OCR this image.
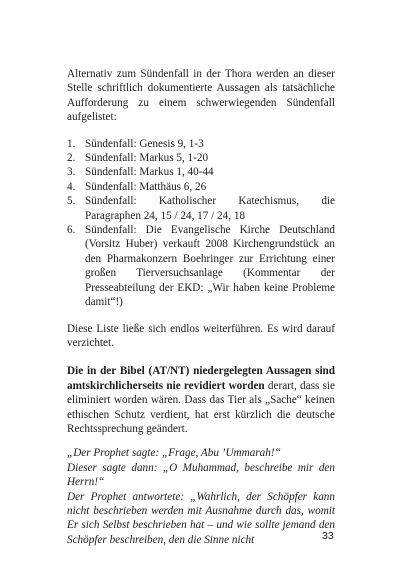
Alternativ zum Sündenfall in der Thora werden an dieser Stelle schriftlich dokumentierte Aussagen als tatsächliche Aufforderung zu einem schwerwiegenden Sündenfall aufgelistet:

1. Sündenfall: Genesis 9, 1-3
2. Sündenfall: Markus 5, 1-20
3. Sündenfall: Markus 1, 40-44
4. Sündenfall: Matthäus 6, 26
5. Sündenfall: Katholischer Katechismus, die Paragraphen 24, 15 / 24, 17 / 24, 18
6. Sündenfall: Die Evangelische Kirche Deutschland (Vorsitz Huber) verkauft 2008 Kirchengrundstück an den Pharmakonzern Boehringer zur Errichtung einer großen Tierversuchsanlage (Kommentar der Presseabteilung der EKD: „Wir haben keine Probleme damit“!)

Diese Liste ließe sich endlos weiterführen. Es wird darauf verzichtet.

Die in der Bibel (AT/NT) niedergelegten Aussagen sind amtskirchlicherseits nie revidiert worden derart, dass sie eliminiert worden wären. Dass das Tier als „Sache“ keinen ethischen Schutz verdient, hat erst kürzlich die deutsche Rechtssprechung geändert.

„Der Prophet sagte: „Frage, Abu ’Ummarah!“

Dieser sagte dann: „O Muhammad, beschreibe mir den Herrn!“

Der Prophet antwortete: „Wahrlich, der Schöpfer kann nicht beschrieben werden mit Ausnahme durch das, womit Er sich Selbst beschrieben hat – und wie sollte jemand den Schöpfer beschreiben, den die Sinne nicht	33
